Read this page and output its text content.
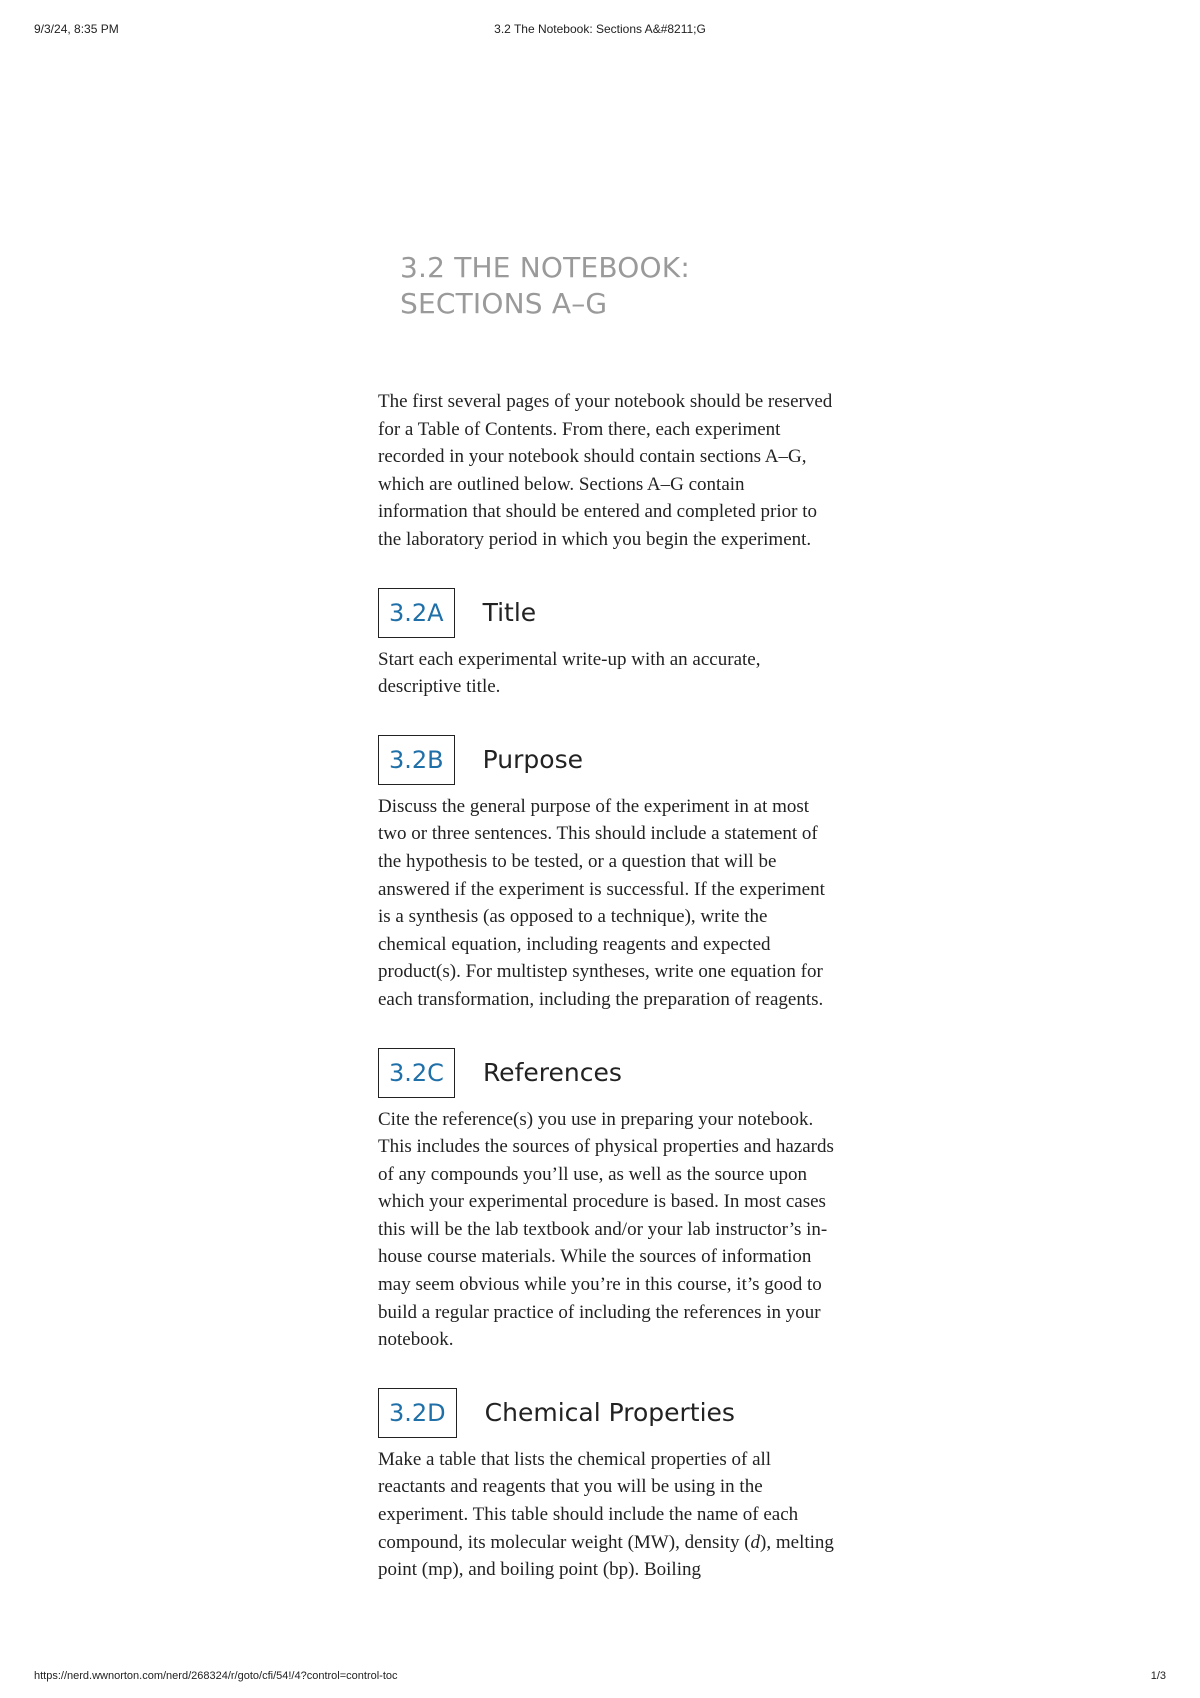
9/3/24, 8:35 PM	3.2 The Notebook: Sections A&#8211;G
3.2 THE NOTEBOOK: SECTIONS A–G

The first several pages of your notebook should be reserved for a Table of Contents. From there, each experiment recorded in your notebook should contain sections A–G, which are outlined below. Sections A–G contain information that should be entered and completed prior to the laboratory period in which you begin the experiment.

3.2A	Title

Start each experimental write-up with an accurate, descriptive title.

3.2B	Purpose

Discuss the general purpose of the experiment in at most two or three sentences. This should include a statement of the hypothesis to be tested, or a question that will be answered if the experiment is successful. If the experiment is a synthesis (as opposed to a technique), write the chemical equation, including reagents and expected product(s). For multistep syntheses, write one equation for each transformation, including the preparation of reagents.

3.2C	References

Cite the reference(s) you use in preparing your notebook. This includes the sources of physical properties and hazards of any compounds you’ll use, as well as the source upon which your experimental procedure is based. In most cases this will be the lab textbook and/or your lab instructor’s in-house course materials. While the sources of information may seem obvious while you’re in this course, it’s good to build a regular practice of including the references in your notebook.

3.2D	Chemical Properties

Make a table that lists the chemical properties of all reactants and reagents that you will be using in the experiment. This table should include the name of each compound, its molecular weight (MW), density (d), melting point (mp), and boiling point (bp). Boiling

https://nerd.wwnorton.com/nerd/268324/r/goto/cfi/54!/4?control=control-toc	1/3
